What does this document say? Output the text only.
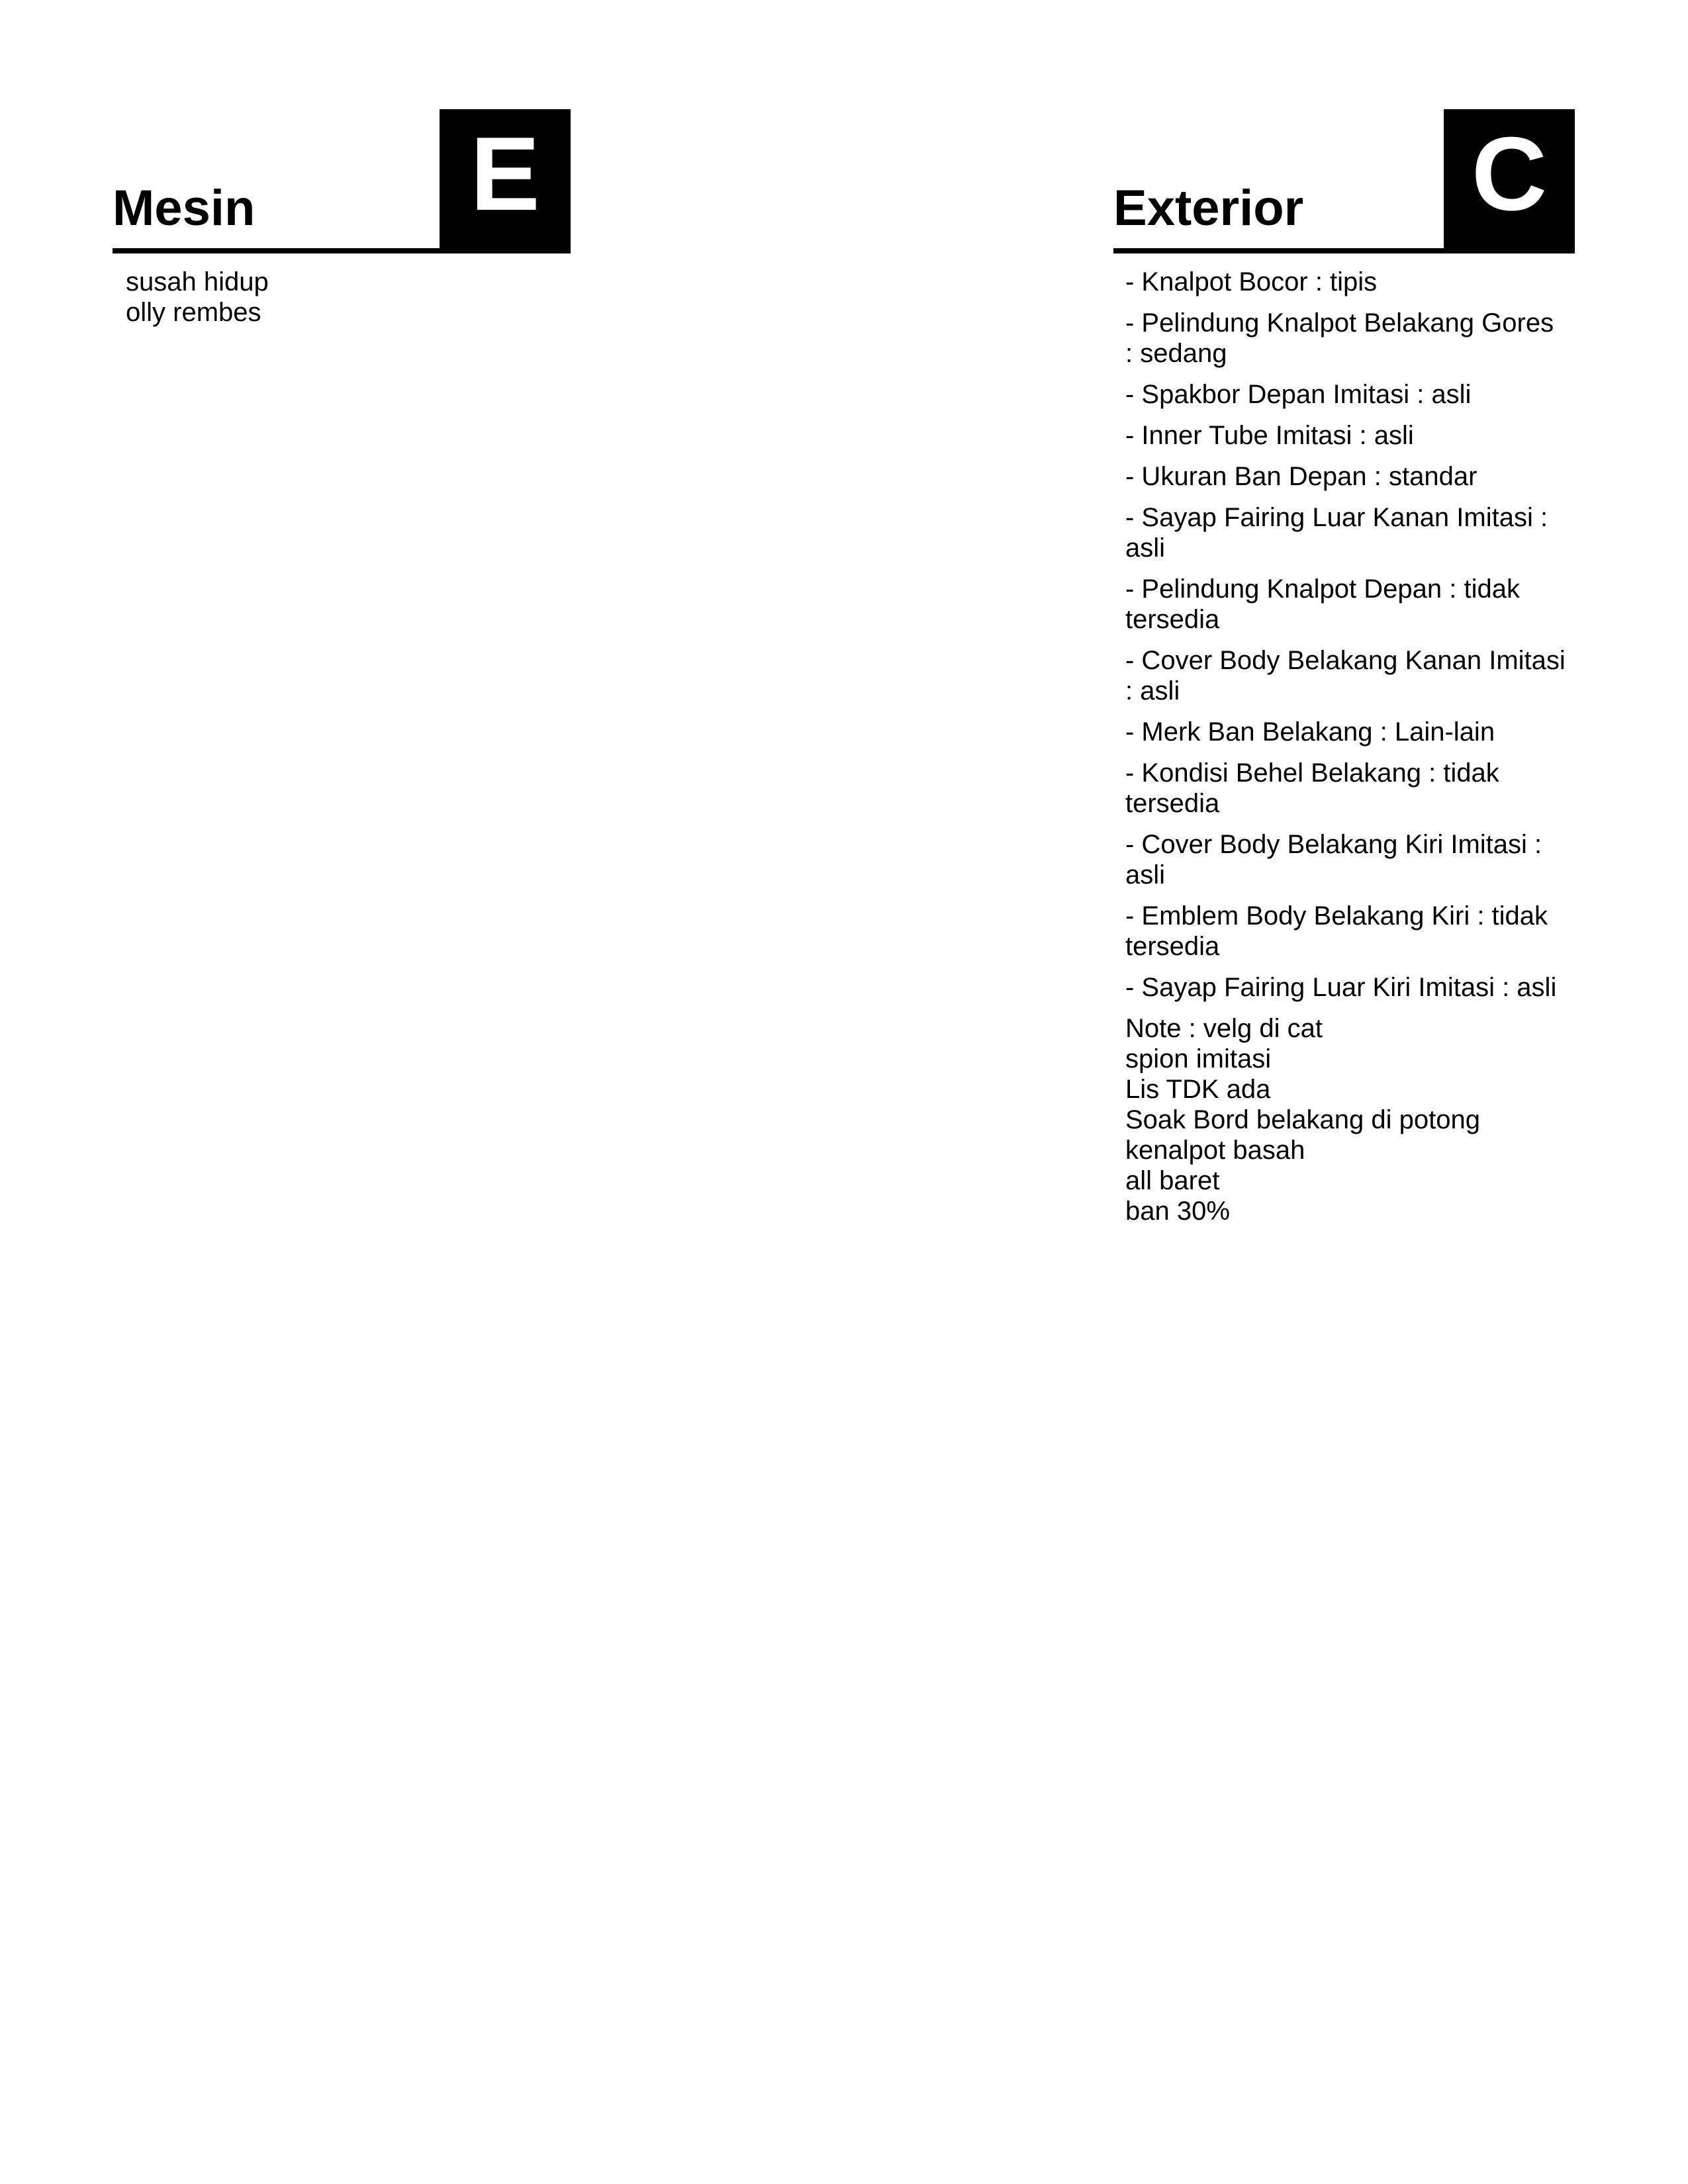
Mesin E
susah hidup
olly rembes
Exterior C
- Knalpot Bocor : tipis
- Pelindung Knalpot Belakang Gores : sedang
- Spakbor Depan Imitasi : asli
- Inner Tube Imitasi : asli
- Ukuran Ban Depan : standar
- Sayap Fairing Luar Kanan Imitasi : asli
- Pelindung Knalpot Depan : tidak tersedia
- Cover Body Belakang Kanan Imitasi : asli
- Merk Ban Belakang : Lain-lain
- Kondisi Behel Belakang : tidak tersedia
- Cover Body Belakang Kiri Imitasi : asli
- Emblem Body Belakang Kiri : tidak tersedia
- Sayap Fairing Luar Kiri Imitasi : asli
Note : velg di cat
spion imitasi
Lis TDK ada
Soak Bord belakang di potong
kenalpot basah
all baret
ban 30%
